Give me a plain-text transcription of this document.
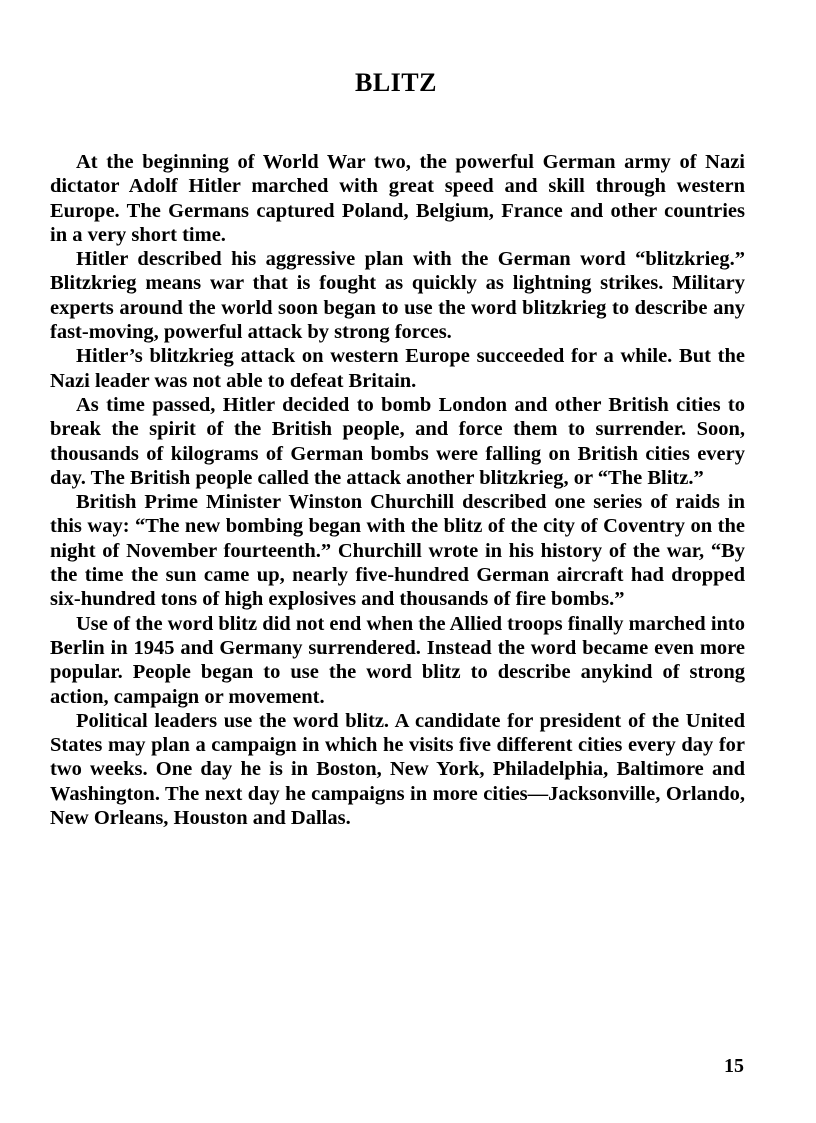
BLITZ

At the beginning of World War two, the powerful German army of Nazi dictator Adolf Hitler marched with great speed and skill through western Europe. The Germans captured Poland, Belgium, France and other countries in a very short time.

Hitler described his aggressive plan with the German word “blitzkrieg.” Blitzkrieg means war that is fought as quickly as lightning strikes. Military experts around the world soon began to use the word blitzkrieg to describe any fast-moving, powerful attack by strong forces.

Hitler’s blitzkrieg attack on western Europe succeeded for a while. But the Nazi leader was not able to defeat Britain.

As time passed, Hitler decided to bomb London and other British cities to break the spirit of the British people, and force them to surrender. Soon, thousands of kilograms of German bombs were falling on British cities every day. The British people called the attack another blitzkrieg, or “The Blitz.”

British Prime Minister Winston Churchill described one series of raids in this way: “The new bombing began with the blitz of the city of Coventry on the night of November fourteenth.” Churchill wrote in his history of the war, “By the time the sun came up, nearly five-hundred German aircraft had dropped six-hundred tons of high explosives and thousands of fire bombs.”

Use of the word blitz did not end when the Allied troops finally marched into Berlin in 1945 and Germany surrendered. Instead the word became even more popular. People began to use the word blitz to describe anykind of strong action, campaign or movement.

Political leaders use the word blitz. A candidate for president of the United States may plan a campaign in which he visits five different cities every day for two weeks. One day he is in Boston, New York, Philadelphia, Baltimore and Washington. The next day he campaigns in more cities—Jacksonville, Orlando, New Orleans, Houston and Dallas.

15
